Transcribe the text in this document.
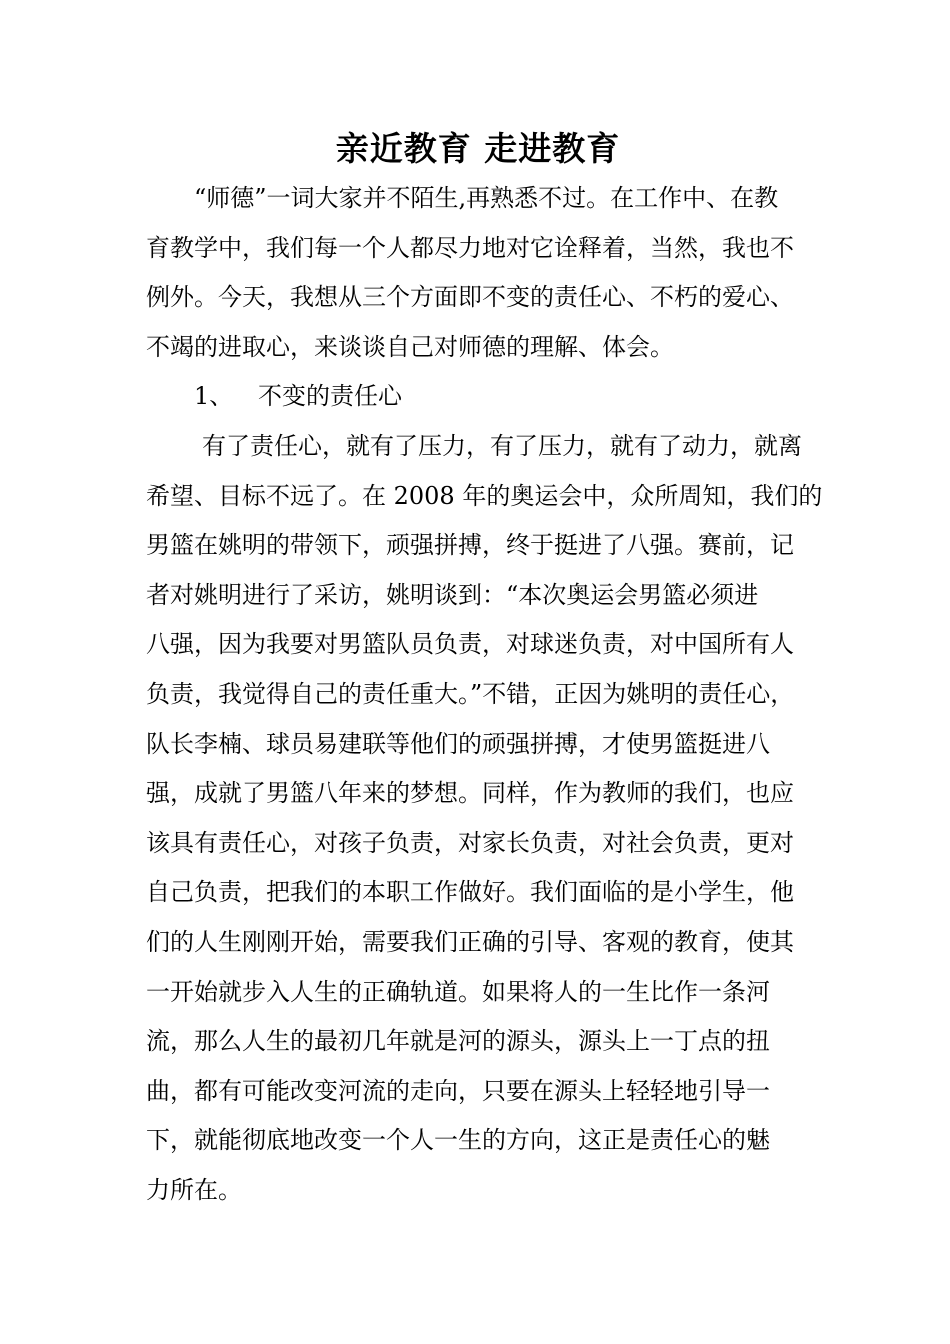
亲近教育 走进教育
“师德”一词大家并不陌生,再熟悉不过。在工作中、在教
育教学中，我们每一个人都尽力地对它诠释着，当然，我也不
例外。今天，我想从三个方面即不变的责任心、不朽的爱心、
不竭的进取心，来谈谈自己对师德的理解、体会。
1、 不变的责任心
有了责任心，就有了压力，有了压力，就有了动力，就离
希望、目标不远了。在 2008 年的奥运会中，众所周知，我们的
男篮在姚明的带领下，顽强拼搏，终于挺进了八强。赛前，记
者对姚明进行了采访，姚明谈到：“本次奥运会男篮必须进
八强，因为我要对男篮队员负责，对球迷负责，对中国所有人
负责，我觉得自己的责任重大。”不错，正因为姚明的责任心，
队长李楠、球员易建联等他们的顽强拼搏，才使男篮挺进八
强，成就了男篮八年来的梦想。同样，作为教师的我们，也应
该具有责任心，对孩子负责，对家长负责，对社会负责，更对
自己负责，把我们的本职工作做好。我们面临的是小学生，他
们的人生刚刚开始，需要我们正确的引导、客观的教育，使其
一开始就步入人生的正确轨道。如果将人的一生比作一条河
流，那么人生的最初几年就是河的源头，源头上一丁点的扭
曲，都有可能改变河流的走向，只要在源头上轻轻地引导一
下，就能彻底地改变一个人一生的方向，这正是责任心的魅
力所在。
